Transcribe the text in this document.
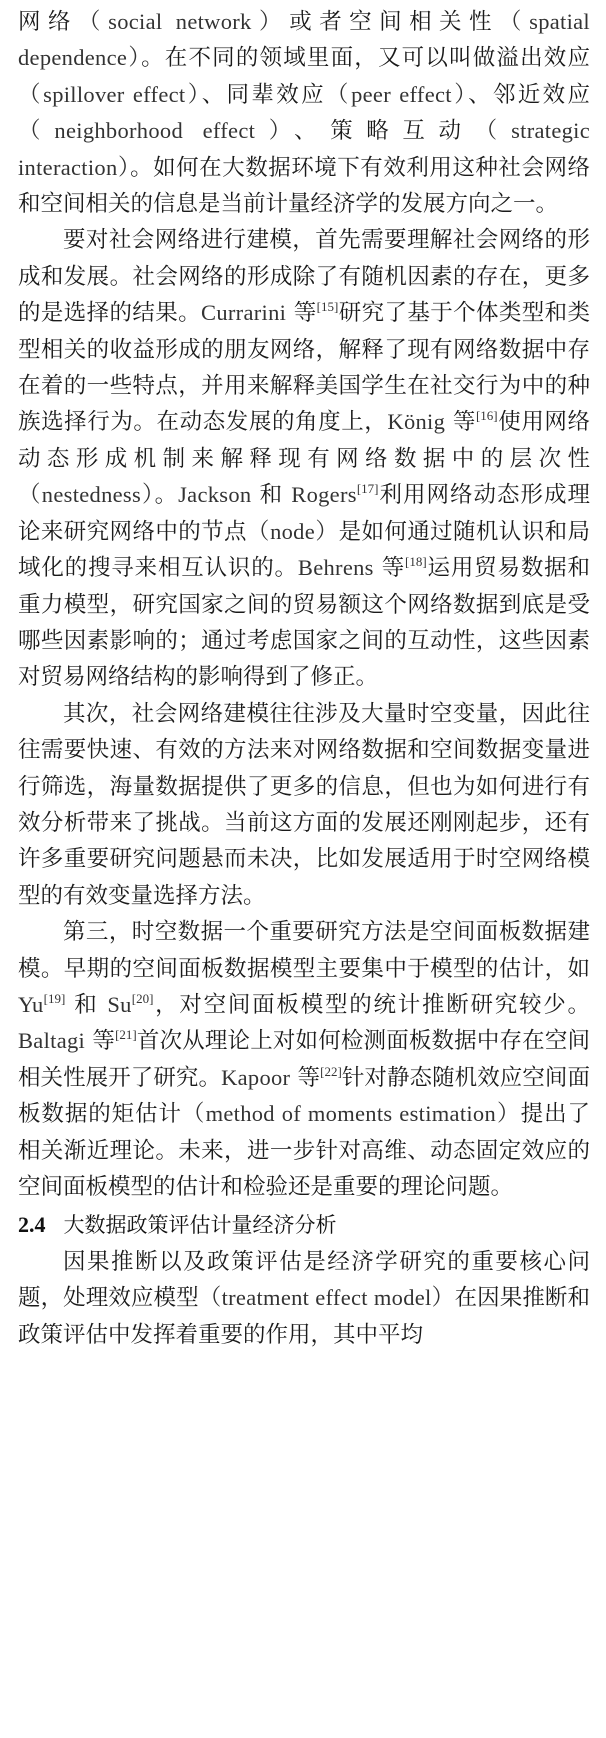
网络（social network）或者空间相关性（spatial dependence）。在不同的领域里面，又可以叫做溢出效应（spillover effect）、同辈效应（peer effect）、邻近效应（neighborhood effect）、策略互动（strategic interaction）。如何在大数据环境下有效利用这种社会网络和空间相关的信息是当前计量经济学的发展方向之一。

要对社会网络进行建模，首先需要理解社会网络的形成和发展。社会网络的形成除了有随机因素的存在，更多的是选择的结果。Currarini 等[15]研究了基于个体类型和类型相关的收益形成的朋友网络，解释了现有网络数据中存在着的一些特点，并用来解释美国学生在社交行为中的种族选择行为。在动态发展的角度上，König 等[16]使用网络动态形成机制来解释现有网络数据中的层次性（nestedness）。Jackson 和 Rogers[17]利用网络动态形成理论来研究网络中的节点（node）是如何通过随机认识和局域化的搜寻来相互认识的。Behrens 等[18]运用贸易数据和重力模型，研究国家之间的贸易额这个网络数据到底是受哪些因素影响的；通过考虑国家之间的互动性，这些因素对贸易网络结构的影响得到了修正。

其次，社会网络建模往往涉及大量时空变量，因此往往需要快速、有效的方法来对网络数据和空间数据变量进行筛选，海量数据提供了更多的信息，但也为如何进行有效分析带来了挑战。当前这方面的发展还刚刚起步，还有许多重要研究问题悬而未决，比如发展适用于时空网络模型的有效变量选择方法。

第三，时空数据一个重要研究方法是空间面板数据建模。早期的空间面板数据模型主要集中于模型的估计，如 Yu[19] 和 Su[20]，对空间面板模型的统计推断研究较少。Baltagi 等[21]首次从理论上对如何检测面板数据中存在空间相关性展开了研究。Kapoor 等[22]针对静态随机效应空间面板数据的矩估计（method of moments estimation）提出了相关渐近理论。未来，进一步针对高维、动态固定效应的空间面板模型的估计和检验还是重要的理论问题。

2.4 大数据政策评估计量经济分析

因果推断以及政策评估是经济学研究的重要核心问题，处理效应模型（treatment effect model）在因果推断和政策评估中发挥着重要的作用，其中平均
